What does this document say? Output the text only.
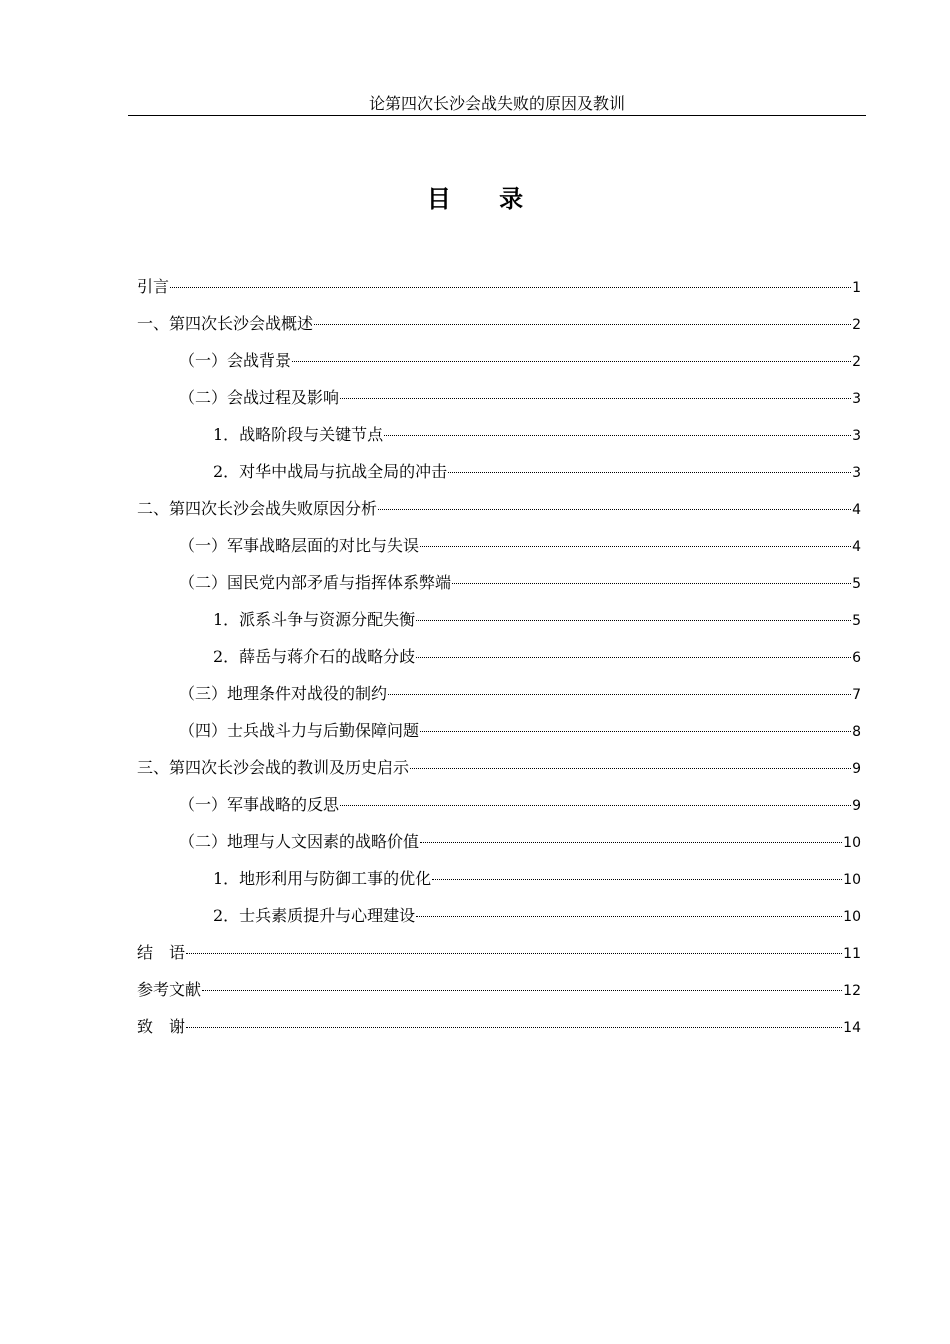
论第四次长沙会战失败的原因及教训
目 录
引言	1
一、第四次长沙会战概述	2
（一）会战背景	2
（二）会战过程及影响	3
1．战略阶段与关键节点	3
2．对华中战局与抗战全局的冲击	3
二、第四次长沙会战失败原因分析	4
（一）军事战略层面的对比与失误	4
（二）国民党内部矛盾与指挥体系弊端	5
1．派系斗争与资源分配失衡	5
2．薛岳与蒋介石的战略分歧	6
（三）地理条件对战役的制约	7
（四）士兵战斗力与后勤保障问题	8
三、第四次长沙会战的教训及历史启示	9
（一）军事战略的反思	9
（二）地理与人文因素的战略价值	10
1．地形利用与防御工事的优化	10
2．士兵素质提升与心理建设	10
结　语	11
参考文献	12
致　谢	14
